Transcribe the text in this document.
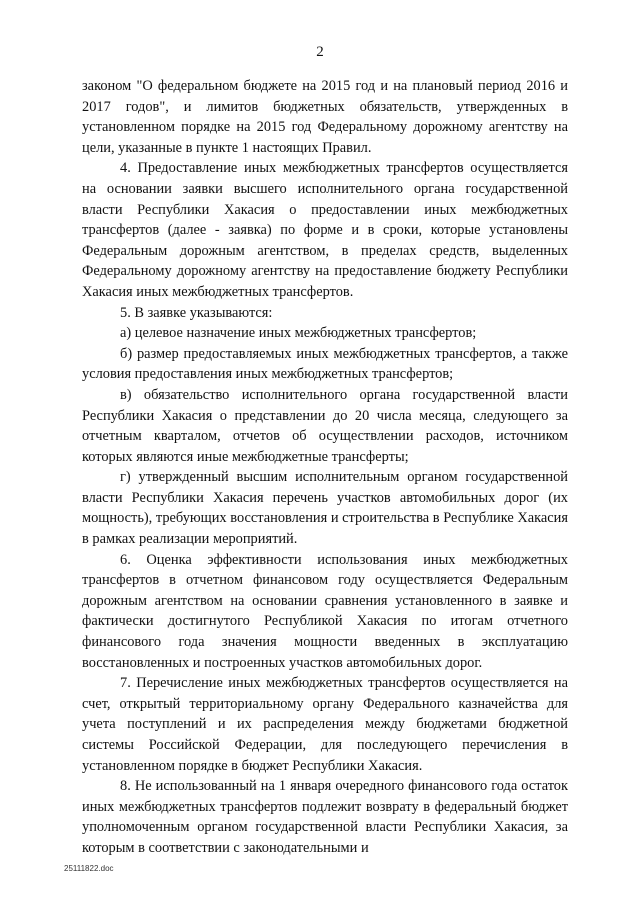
2

законом "О федеральном бюджете на 2015 год и на плановый период 2016 и 2017 годов", и лимитов бюджетных обязательств, утвержденных в установленном порядке на 2015 год Федеральному дорожному агентству на цели, указанные в пункте 1 настоящих Правил.

4. Предоставление иных межбюджетных трансфертов осуществляется на основании заявки высшего исполнительного органа государственной власти Республики Хакасия о предоставлении иных межбюджетных трансфертов (далее - заявка) по форме и в сроки, которые установлены Федеральным дорожным агентством, в пределах средств, выделенных Федеральному дорожному агентству на предоставление бюджету Республики Хакасия иных межбюджетных трансфертов.

5. В заявке указываются:

а) целевое назначение иных межбюджетных трансфертов;

б) размер предоставляемых иных межбюджетных трансфертов, а также условия предоставления иных межбюджетных трансфертов;

в) обязательство исполнительного органа государственной власти Республики Хакасия о представлении до 20 числа месяца, следующего за отчетным кварталом, отчетов об осуществлении расходов, источником которых являются иные межбюджетные трансферты;

г) утвержденный высшим исполнительным органом государственной власти Республики Хакасия перечень участков автомобильных дорог (их мощность), требующих восстановления и строительства в Республике Хакасия в рамках реализации мероприятий.

6. Оценка эффективности использования иных межбюджетных трансфертов в отчетном финансовом году осуществляется Федеральным дорожным агентством на основании сравнения установленного в заявке и фактически достигнутого Республикой Хакасия по итогам отчетного финансового года значения мощности введенных в эксплуатацию восстановленных и построенных участков автомобильных дорог.

7. Перечисление иных межбюджетных трансфертов осуществляется на счет, открытый территориальному органу Федерального казначейства для учета поступлений и их распределения между бюджетами бюджетной системы Российской Федерации, для последующего перечисления в установленном порядке в бюджет Республики Хакасия.

8. Не использованный на 1 января очередного финансового года остаток иных межбюджетных трансфертов подлежит возврату в федеральный бюджет уполномоченным органом государственной власти Республики Хакасия, за которым в соответствии с законодательными и

25111822.doc
